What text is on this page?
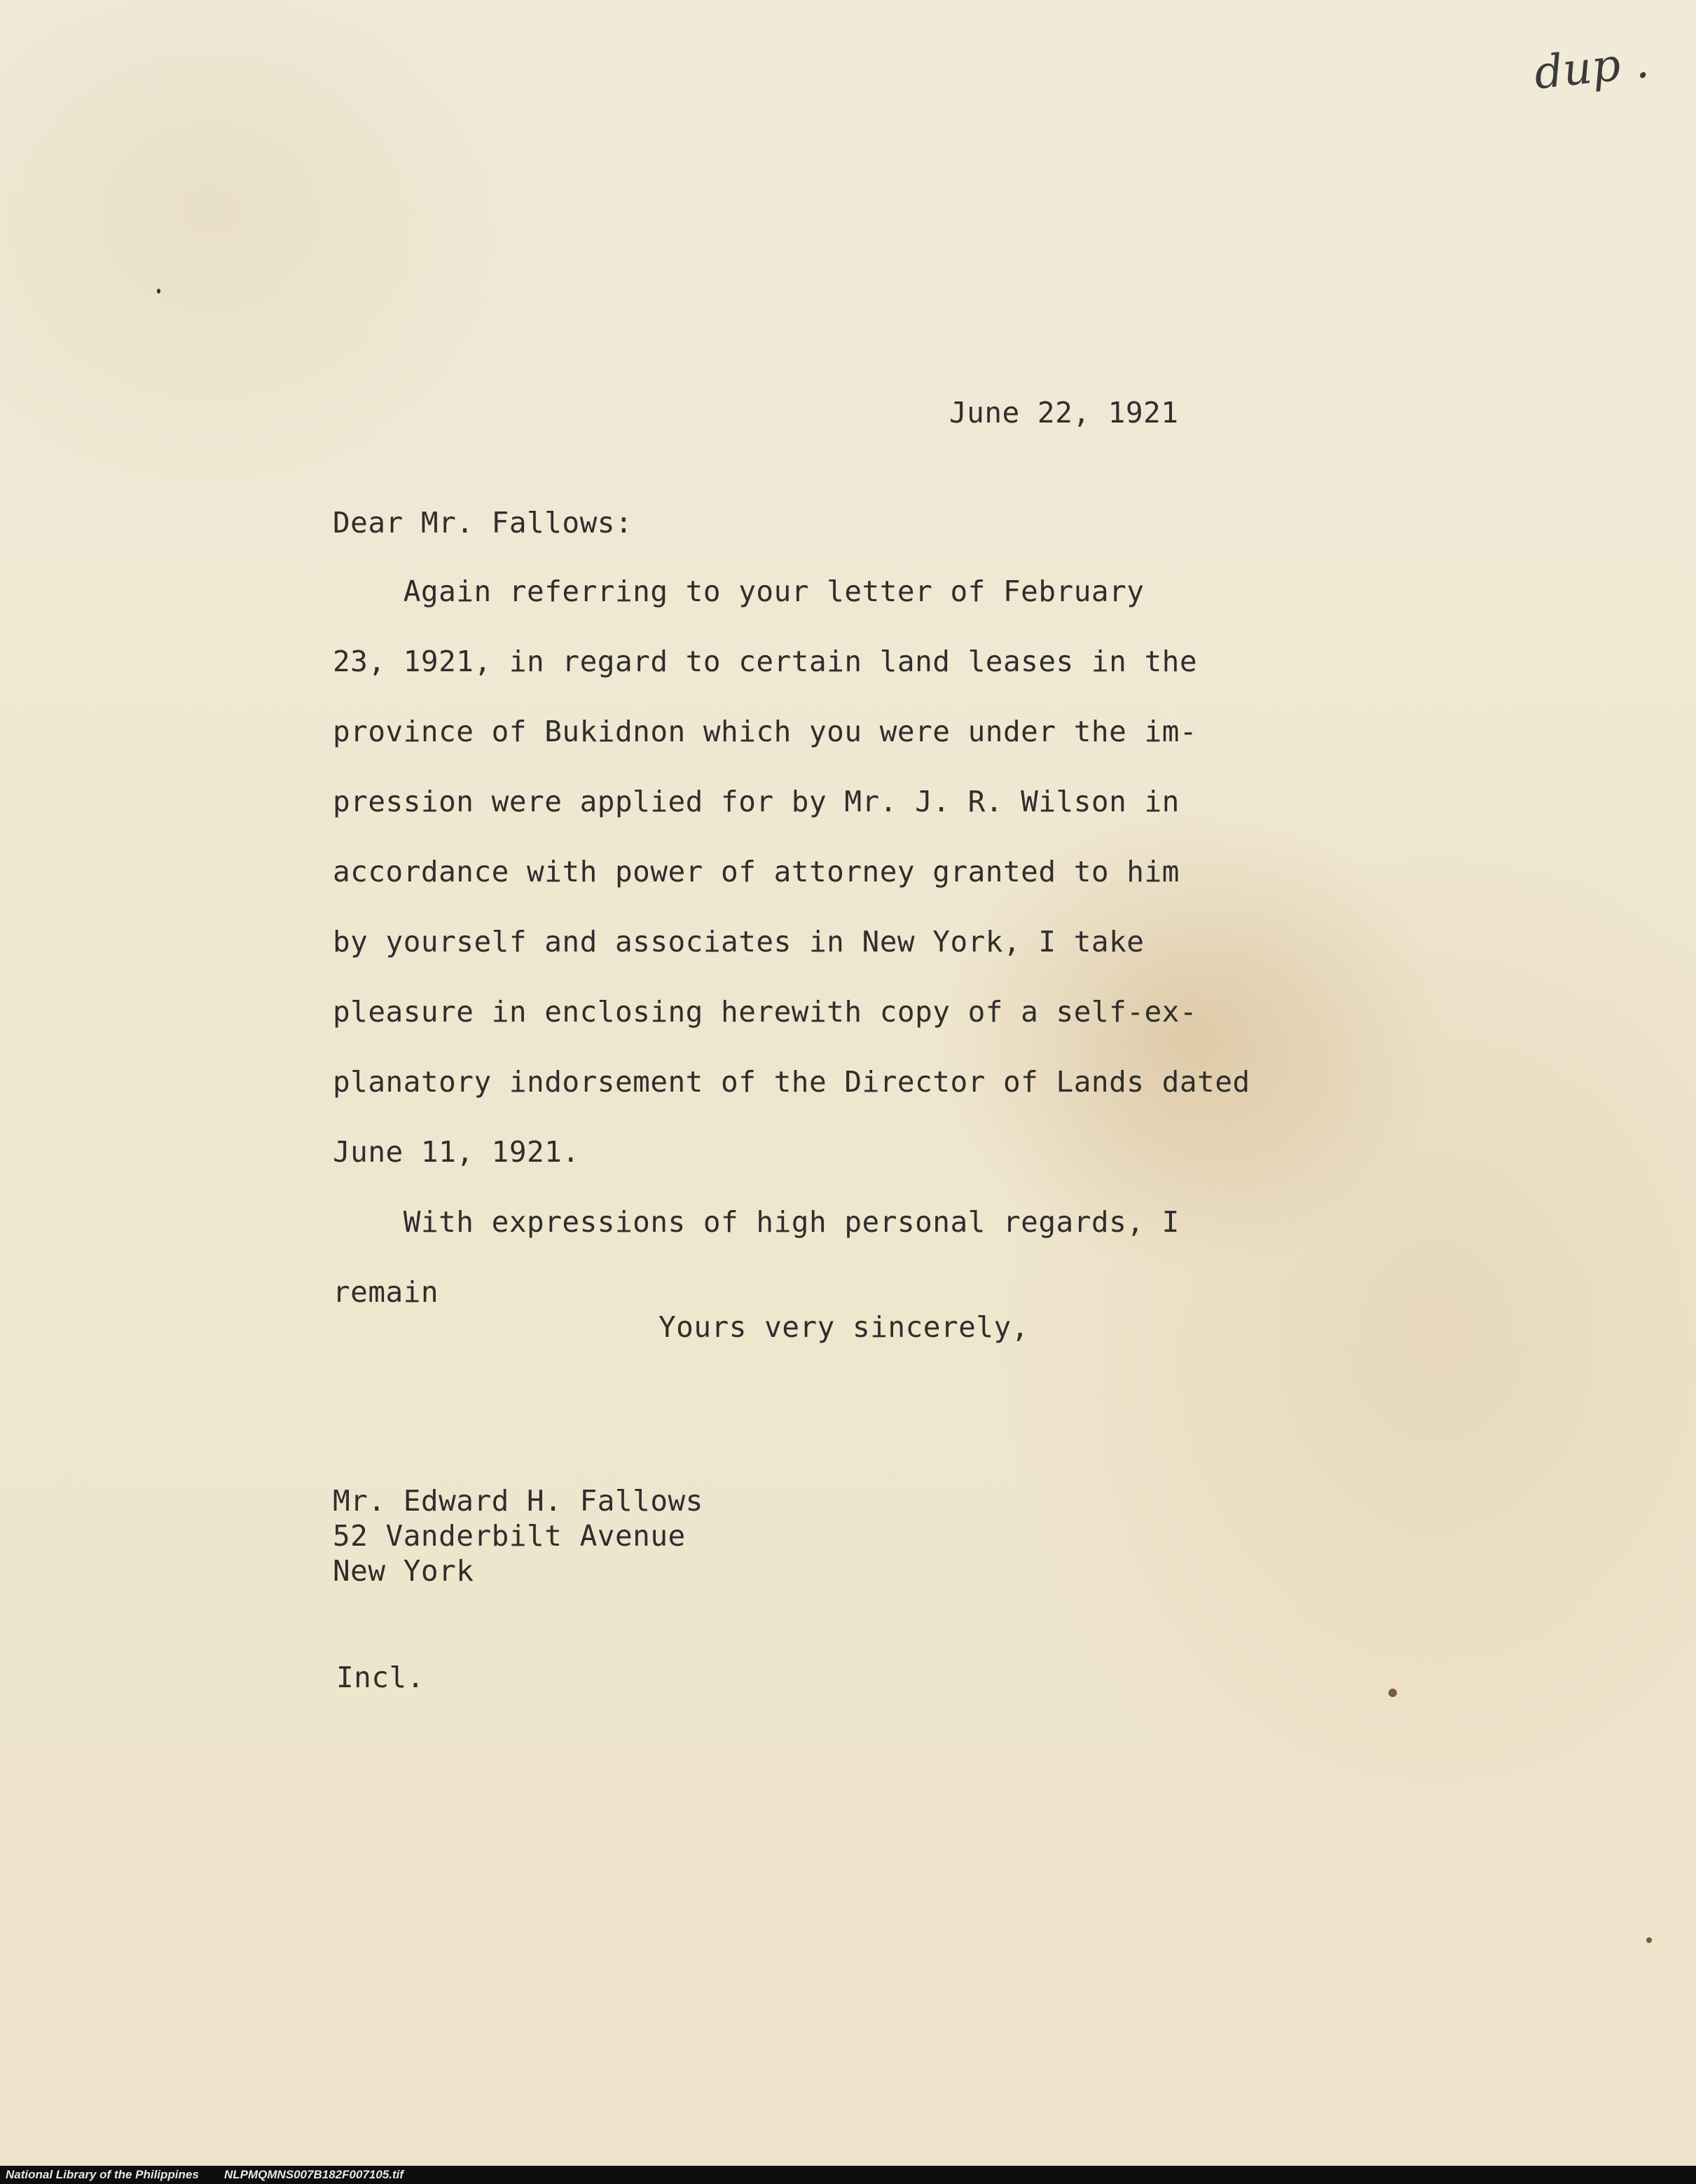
dup .
June 22, 1921
Dear Mr. Fallows:
Again referring to your letter of February
23, 1921, in regard to certain land leases in the
province of Bukidnon which you were under the im-
pression were applied for by Mr. J. R. Wilson in
accordance with power of attorney granted to him
by yourself and associates in New York, I take
pleasure in enclosing herewith copy of a self-ex-
planatory indorsement of the Director of Lands dated
June 11, 1921.
With expressions of high personal regards, I
remain
Yours very sincerely,
Mr. Edward H. Fallows
52 Vanderbilt Avenue
New York
Incl.
National Library of the Philippines NLPMQMNS007B182F007105.tif
